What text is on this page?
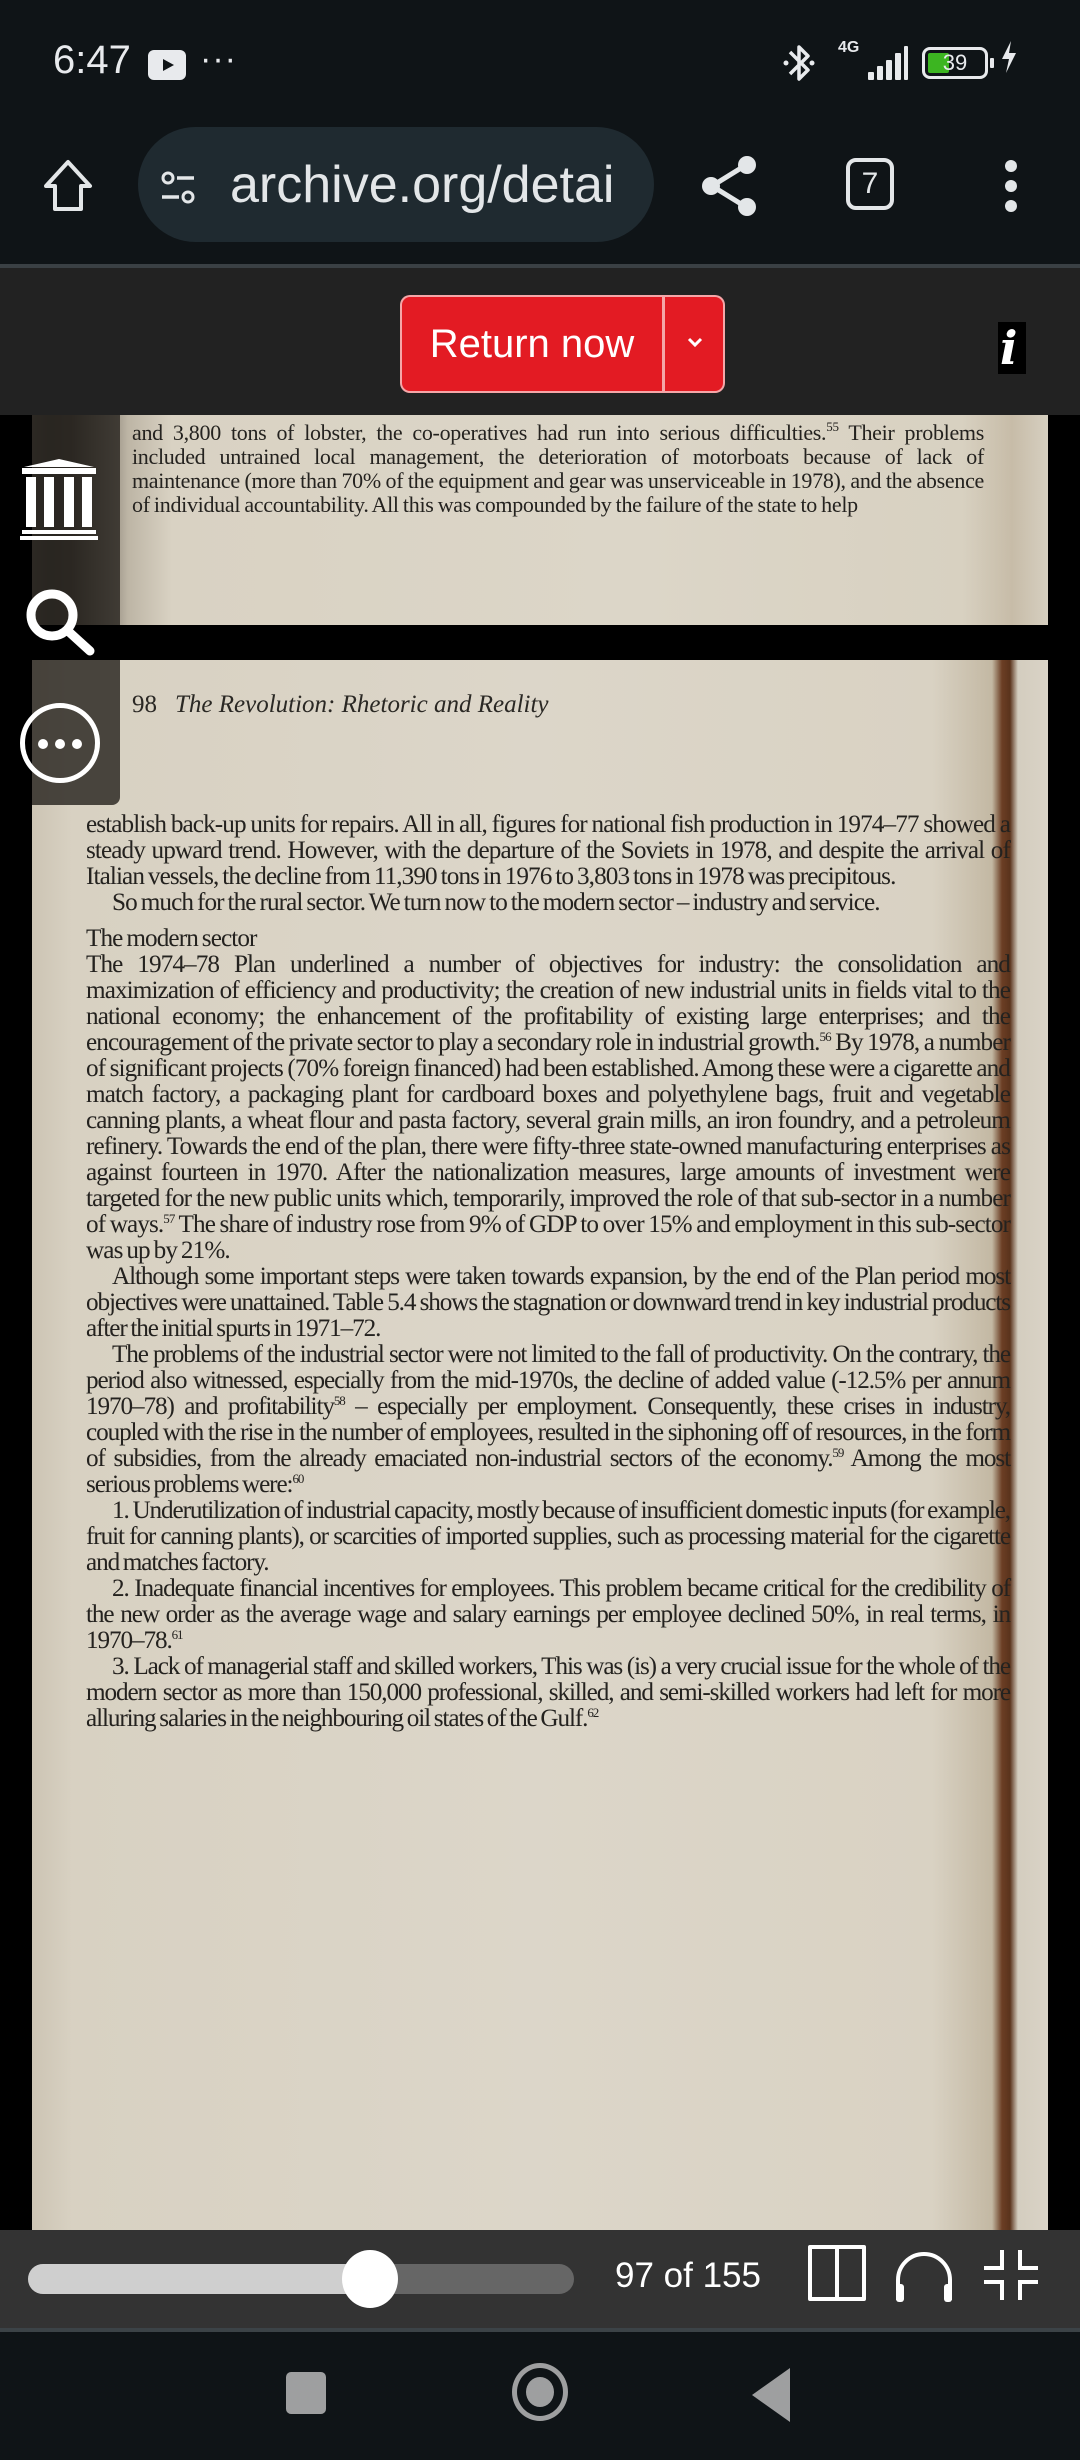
6:47 ···	4G
39
archive.org/detai	7
Return now	i

and 3,800 tons of lobster, the co-operatives had run into serious difficulties.$^{55}$ Their problems included untrained local management, the deterioration of motorboats because of lack of maintenance (more than 70% of the equipment and gear was unserviceable in 1978), and the absence of individual accountability. All this was compounded by the failure of the state to help

98 The Revolution: Rhetoric and Reality

establish back-up units for repairs. All in all, figures for national fish production in 1974–77 showed a steady upward trend. However, with the departure of the Soviets in 1978, and despite the arrival of Italian vessels, the decline from 11,390 tons in 1976 to 3,803 tons in 1978 was precipitous.

So much for the rural sector. We turn now to the modern sector – industry and service.

The modern sector

The 1974–78 Plan underlined a number of objectives for industry: the consolidation and maximization of efficiency and productivity; the creation of new industrial units in fields vital to the national economy; the enhancement of the profitability of existing large enterprises; and the encouragement of the private sector to play a secondary role in industrial growth.$^{56}$ By 1978, a number of significant projects (70% foreign financed) had been established. Among these were a cigarette and match factory, a packaging plant for cardboard boxes and polyethylene bags, fruit and vegetable canning plants, a wheat flour and pasta factory, several grain mills, an iron foundry, and a petroleum refinery. Towards the end of the plan, there were fifty-three state-owned manufacturing enterprises as against fourteen in 1970. After the nationalization measures, large amounts of investment were targeted for the new public units which, temporarily, improved the role of that sub-sector in a number of ways.$^{57}$ The share of industry rose from 9% of GDP to over 15% and employment in this sub-sector was up by 21%.

Although some important steps were taken towards expansion, by the end of the Plan period most objectives were unattained. Table 5.4 shows the stagnation or downward trend in key industrial products after the initial spurts in 1971–72.

The problems of the industrial sector were not limited to the fall of productivity. On the contrary, the period also witnessed, especially from the mid-1970s, the decline of added value (-12.5% per annum 1970–78) and profitability$^{58}$ – especially per employment. Consequently, these crises in industry, coupled with the rise in the number of employees, resulted in the siphoning off of resources, in the form of subsidies, from the already emaciated non-industrial sectors of the economy.$^{59}$ Among the most serious problems were:$^{60}$

1. Underutilization of industrial capacity, mostly because of insufficient domestic inputs (for example, fruit for canning plants), or scarcities of imported supplies, such as processing material for the cigarette and matches factory.

2. Inadequate financial incentives for employees. This problem became critical for the credibility of the new order as the average wage and salary earnings per employee declined 50%, in real terms, in 1970–78.61

3. Lack of managerial staff and skilled workers, This was (is) a very crucial issue for the whole of the modern sector as more than 150,000 professional, skilled, and semi-skilled workers had left for more alluring salaries in the neighbouring oil states of the Gulf.$^{62}$

97 of 155
